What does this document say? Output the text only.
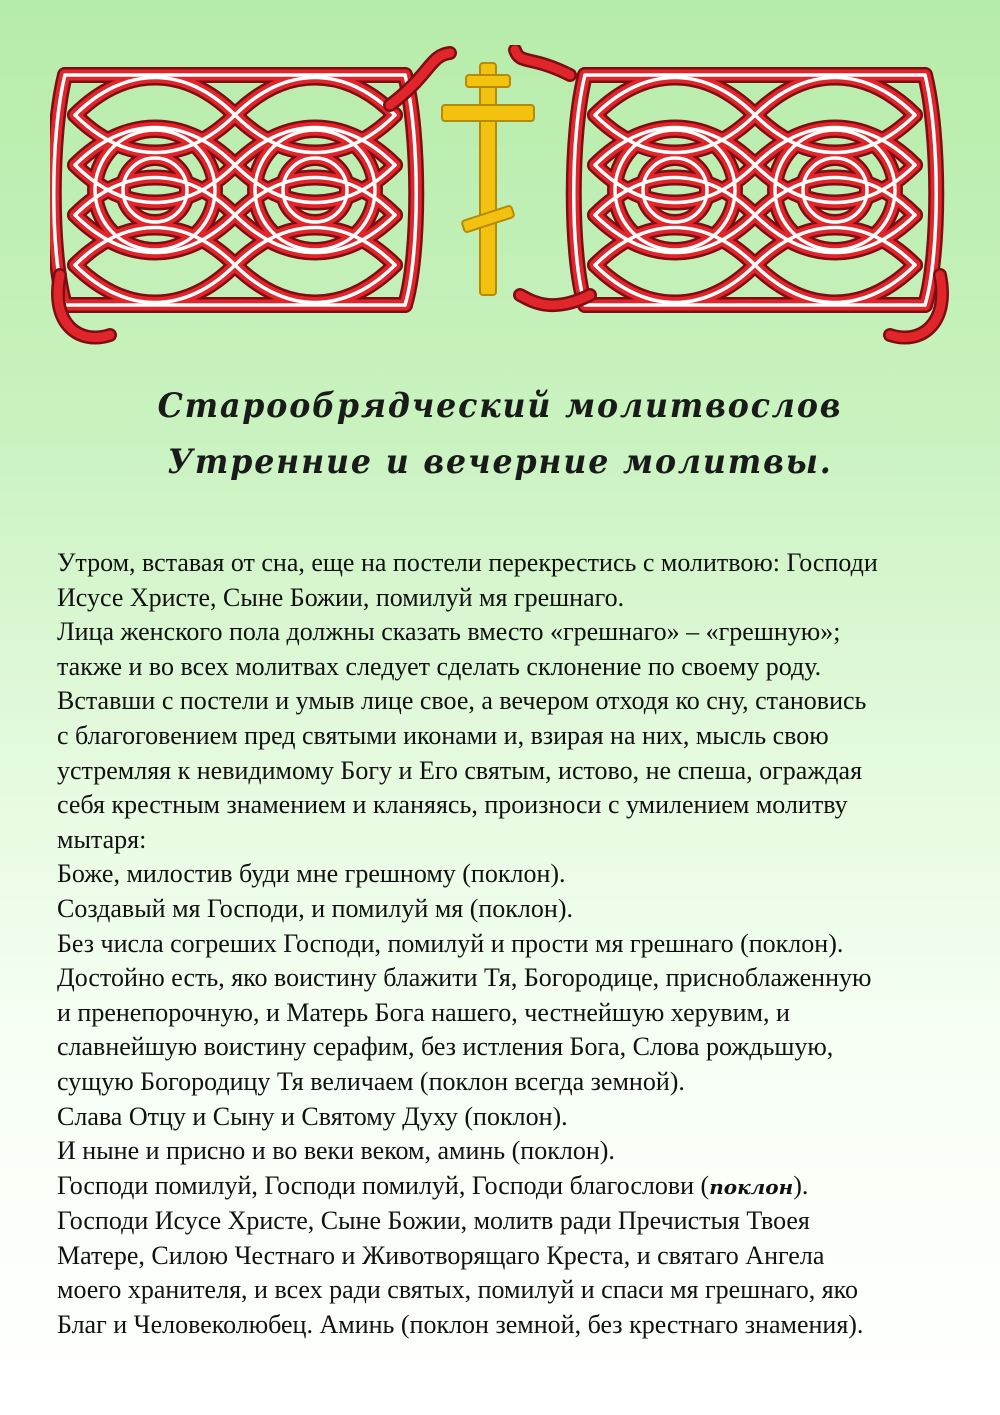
Старообрядческий молитвослов
Утренние и вечерние молитвы.

Утром, вставая от сна, еще на постели перекрестись с молитвою: Господи

Исусе Христе, Сыне Божии, помилуй мя грешнаго.

Лица женского пола должны сказать вместо «грешнаго» – «грешную»;

также и во всех молитвах следует сделать склонение по своему роду.

Вставши с постели и умыв лице свое, а вечером отходя ко сну, становись

с благоговением пред святыми иконами и, взирая на них, мысль свою

устремляя к невидимому Богу и Его святым, истово, не спеша, ограждая

себя крестным знамением и кланяясь, произноси с умилением молитву

мытаря:

Боже, милостив буди мне грешному (поклон).

Создавый мя Господи, и помилуй мя (поклон).

Без числа согреших Господи, помилуй и прости мя грешнаго (поклон).

Достойно есть, яко воистину блажити Тя, Богородице, присноблаженную

и пренепорочную, и Матерь Бога нашего, честнейшую херувим, и

славнейшую воистину серафим, без истления Бога, Слова рождьшую,

сущую Богородицу Тя величаем (поклон всегда земной).

Слава Отцу и Сыну и Святому Духу (поклон).

И ныне и присно и во веки веком, аминь (поклон).

Господи помилуй, Господи помилуй, Господи благослови (поклон).

Господи Исусе Христе, Сыне Божии, молитв ради Пречистыя Твоея

Матере, Силою Честнаго и Животворящаго Креста, и святаго Ангела

моего хранителя, и всех ради святых, помилуй и спаси мя грешнаго, яко

Благ и Человеколюбец. Аминь (поклон земной, без крестнаго знамения).
